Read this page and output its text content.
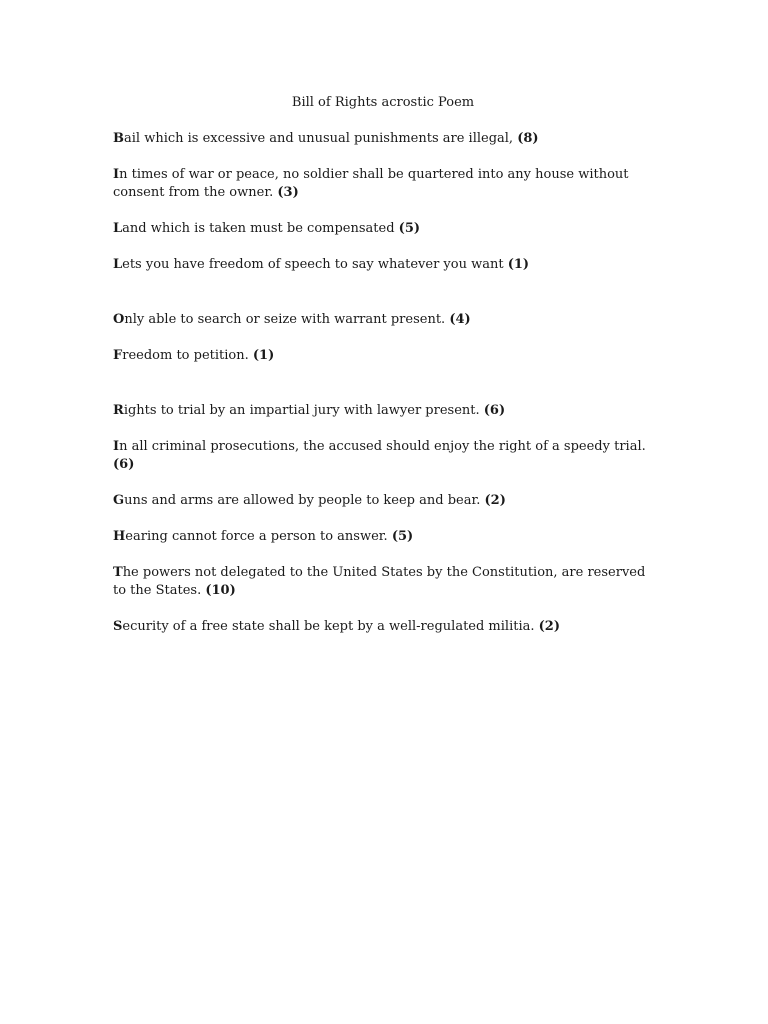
Bill of Rights acrostic Poem

Bail which is excessive and unusual punishments are illegal, (8)

In times of war or peace, no soldier shall be quartered into any house without consent from the owner. (3)

Land which is taken must be compensated (5)

Lets you have freedom of speech to say whatever you want (1)

Only able to search or seize with warrant present. (4)

Freedom to petition. (1)

Rights to trial by an impartial jury with lawyer present. (6)

In all criminal prosecutions, the accused should enjoy the right of a speedy trial. (6)

Guns and arms are allowed by people to keep and bear. (2)

Hearing cannot force a person to answer. (5)

The powers not delegated to the United States by the Constitution, are reserved to the States. (10)

Security of a free state shall be kept by a well-regulated militia. (2)
